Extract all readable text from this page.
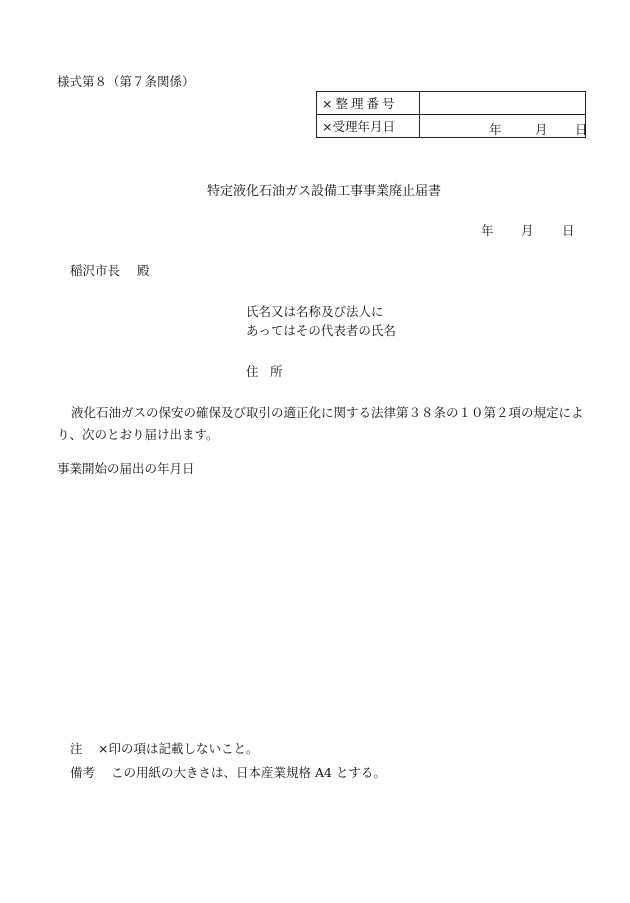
様式第８（第７条関係）
×整理番号	
×受理年月日	年 月 日
特定液化石油ガス設備工事事業廃止届書
年 月 日
稲沢市長 殿
氏名又は名称及び法人に
あってはその代表者の氏名
住 所
液化石油ガスの保安の確保及び取引の適正化に関する法律第３８条の１０第２項の規定により、次のとおり届け出ます。
事業開始の届出の年月日
注 ×印の項は記載しないこと。
備考 この用紙の大きさは、日本産業規格 A4 とする。
